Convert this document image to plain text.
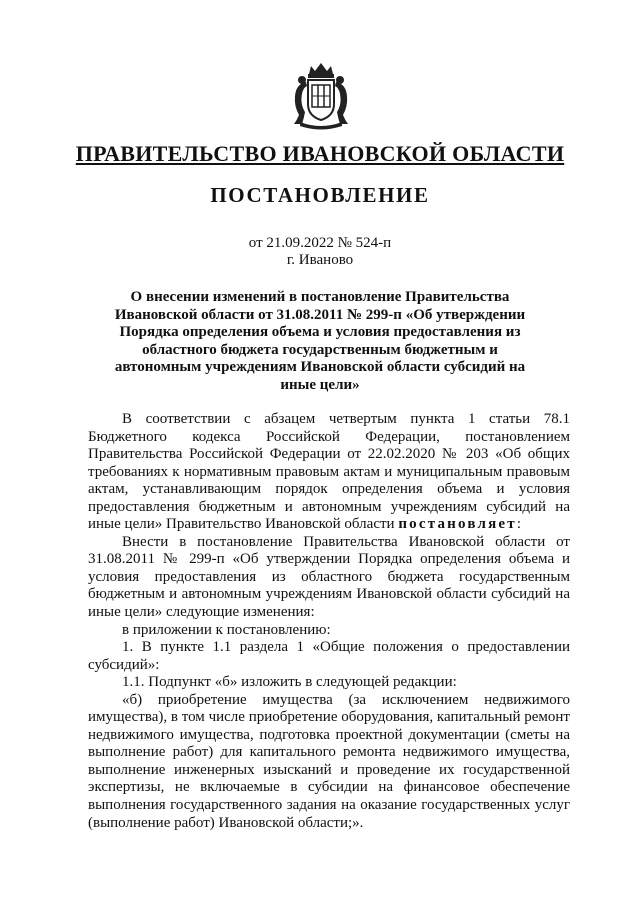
ПРАВИТЕЛЬСТВО ИВАНОВСКОЙ ОБЛАСТИ
ПОСТАНОВЛЕНИЕ
от 21.09.2022 № 524-п
г. Иваново
О внесении изменений в постановление Правительства Ивановской области от 31.08.2011 № 299-п «Об утверждении Порядка определения объема и условия предоставления из областного бюджета государственным бюджетным и автономным учреждениям Ивановской области субсидий на иные цели»

В соответствии с абзацем четвертым пункта 1 статьи 78.1 Бюджетного кодекса Российской Федерации, постановлением Правительства Российской Федерации от 22.02.2020 № 203 «Об общих требованиях к нормативным правовым актам и муниципальным правовым актам, устанавливающим порядок определения объема и условия предоставления бюджетным и автономным учреждениям субсидий на иные цели» Правительство Ивановской области постановляет:

Внести в постановление Правительства Ивановской области от 31.08.2011 № 299-п «Об утверждении Порядка определения объема и условия предоставления из областного бюджета государственным бюджетным и автономным учреждениям Ивановской области субсидий на иные цели» следующие изменения:

в приложении к постановлению:

1. В пункте 1.1 раздела 1 «Общие положения о предоставлении субсидий»:

1.1. Подпункт «б» изложить в следующей редакции:

«б) приобретение имущества (за исключением недвижимого имущества), в том числе приобретение оборудования, капитальный ремонт недвижимого имущества, подготовка проектной документации (сметы на выполнение работ) для капитального ремонта недвижимого имущества, выполнение инженерных изысканий и проведение их государственной экспертизы, не включаемые в субсидии на финансовое обеспечение выполнения государственного задания на оказание государственных услуг (выполнение работ) Ивановской области;».
